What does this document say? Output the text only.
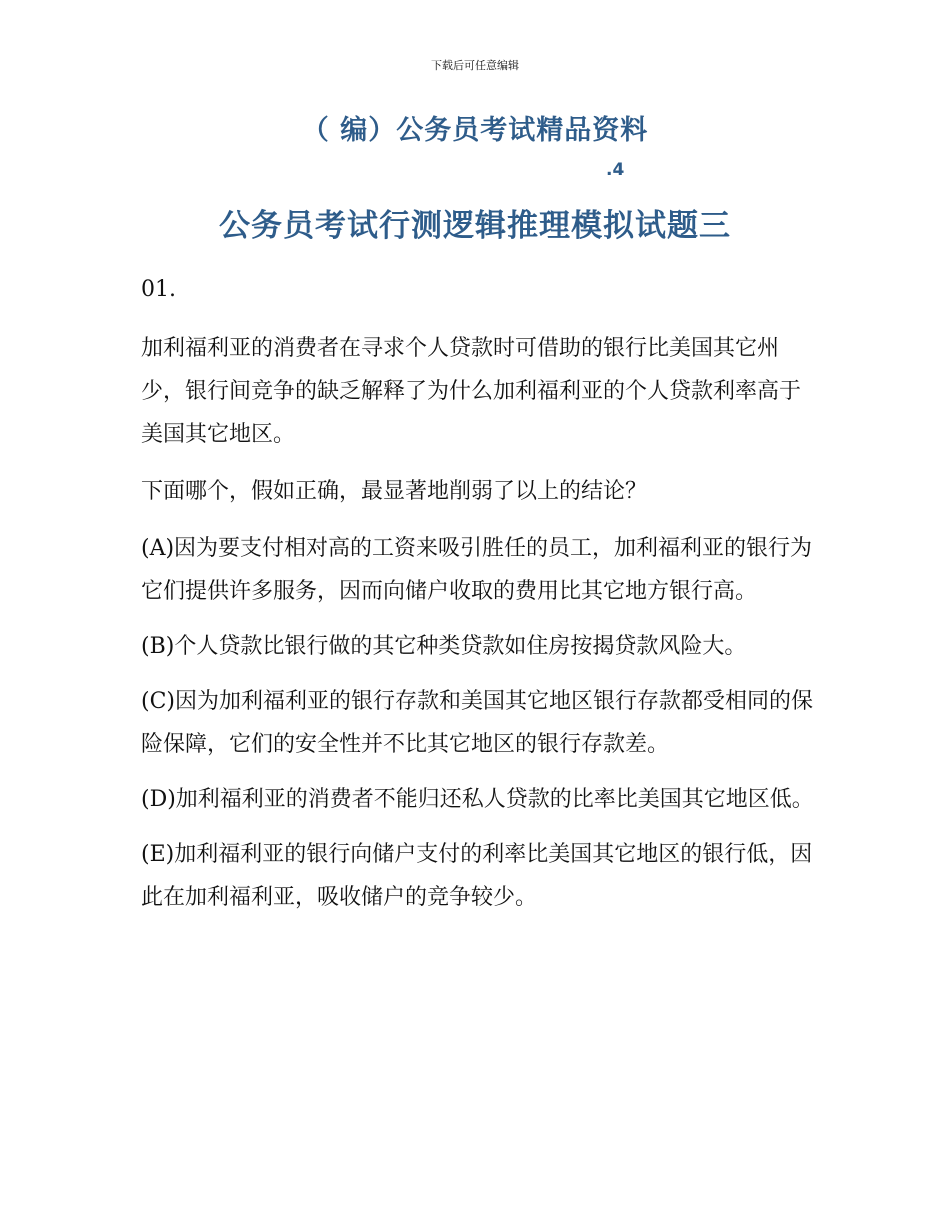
下载后可任意编辑
（ 编）公务员考试精品资料
.4
公务员考试行测逻辑推理模拟试题三

01.

加利福利亚的消费者在寻求个人贷款时可借助的银行比美国其它州少，银行间竞争的缺乏解释了为什么加利福利亚的个人贷款利率高于美国其它地区。

下面哪个，假如正确，最显著地削弱了以上的结论？

(A)因为要支付相对高的工资来吸引胜任的员工，加利福利亚的银行为它们提供许多服务，因而向储户收取的费用比其它地方银行高。

(B)个人贷款比银行做的其它种类贷款如住房按揭贷款风险大。

(C)因为加利福利亚的银行存款和美国其它地区银行存款都受相同的保险保障，它们的安全性并不比其它地区的银行存款差。

(D)加利福利亚的消费者不能归还私人贷款的比率比美国其它地区低。

(E)加利福利亚的银行向储户支付的利率比美国其它地区的银行低，因此在加利福利亚，吸收储户的竞争较少。
